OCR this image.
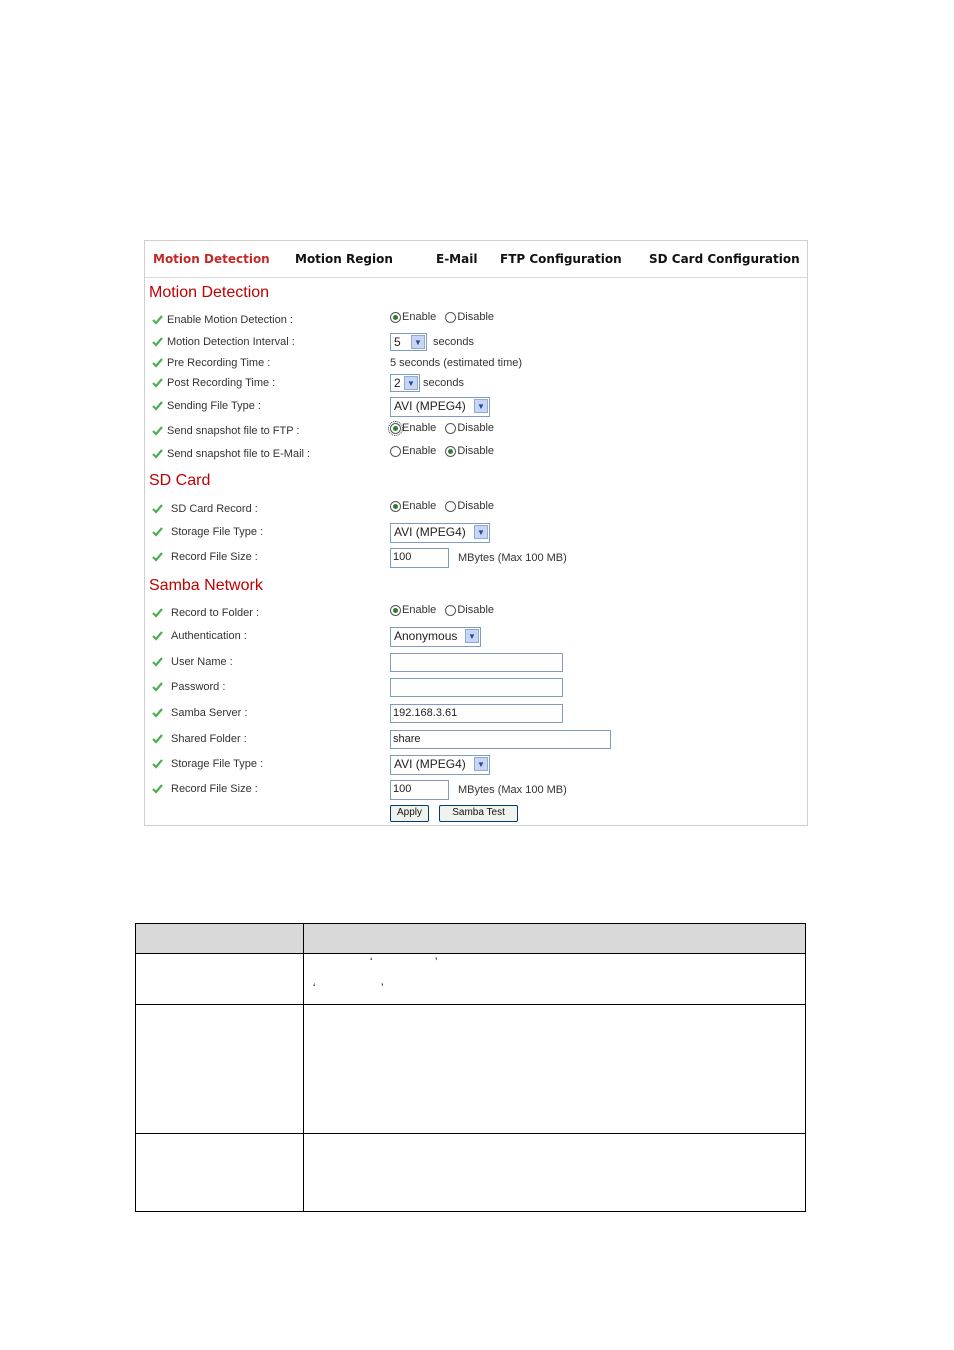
Motion Detection Motion Region	E-Mail FTP Configuration SD Card Configuration
Motion Detection
Enable Motion Detection :	Enable Disable
Motion Detection Interval :	5	▼ seconds
Pre Recording Time :	5 seconds (estimated time)
Post Recording Time :	2 ▼ seconds
Sending File Type :	AVI (MPEG4)	▼
Send snapshot file to FTP :	Enable Disable
Send snapshot file to E-Mail :	Enable Disable
SD Card
SD Card Record :	Enable Disable
Storage File Type :	AVI (MPEG4)	▼
Record File Size :	100	MBytes (Max 100 MB)
Samba Network
Record to Folder :	Enable Disable
Authentication :	Anonymous	▼
User Name :
Password :
Samba Server :	192.168.3.61
Shared Folder :	share
Storage File Type :	AVI (MPEG4)	▼
Record File Size :	100	MBytes (Max 100 MB)
Apply	Samba Test

	‘ ’
‘ ’
